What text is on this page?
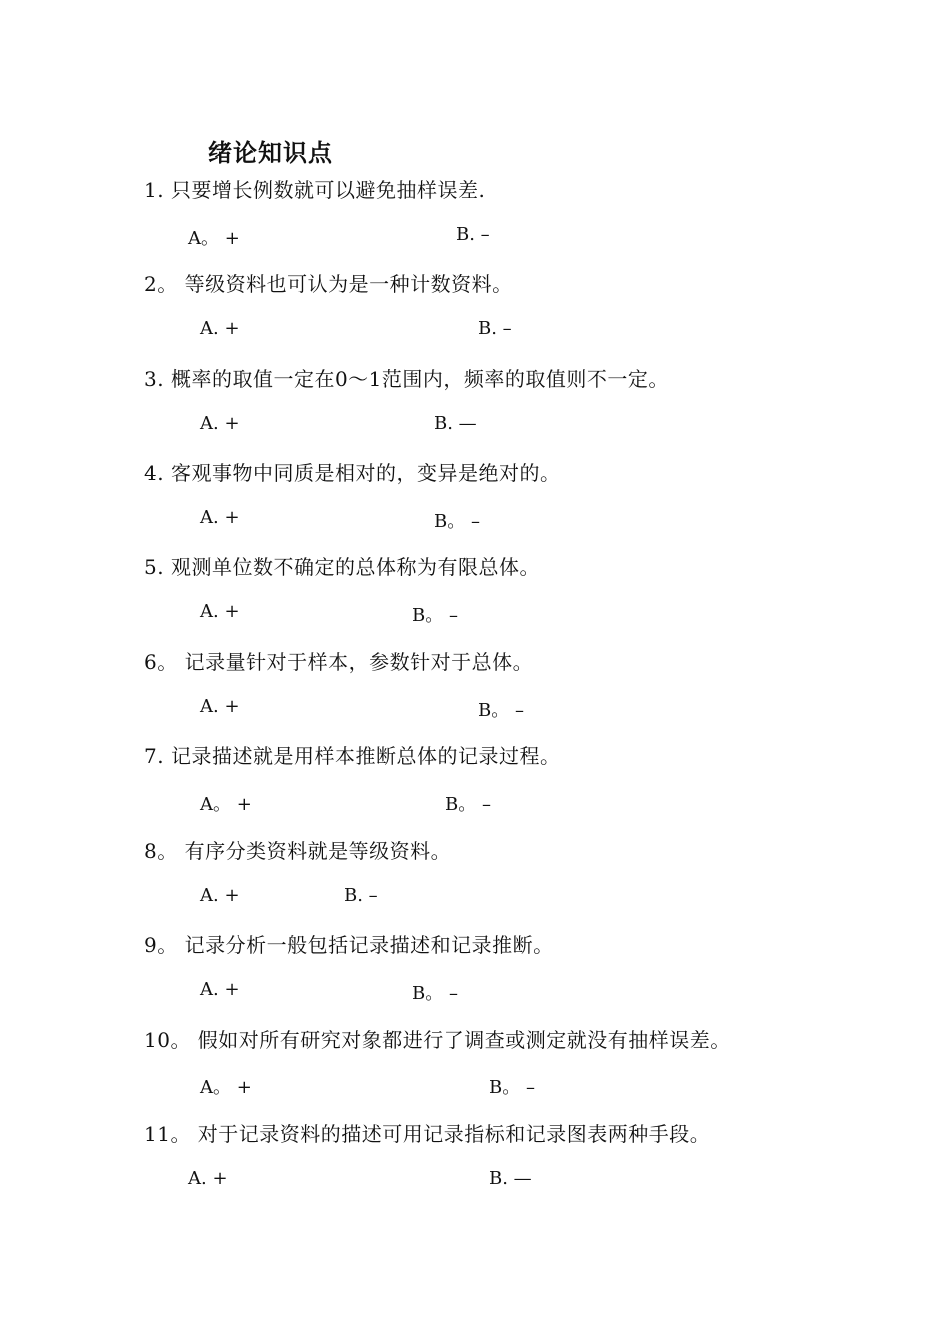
绪论知识点
1. 只要增长例数就可以避免抽样误差.
A。 +	B. –
2。 等级资料也可认为是一种计数资料。
A. +	B. –
3. 概率的取值一定在0～1范围内，频率的取值则不一定。
A. +	B. —
4. 客观事物中同质是相对的，变异是绝对的。
A. +	B。 –
5. 观测单位数不确定的总体称为有限总体。
A. +	B。 –
6。 记录量针对于样本，参数针对于总体。
A. +	B。 –
7. 记录描述就是用样本推断总体的记录过程。
A。 +	B。 –
8。 有序分类资料就是等级资料。
A. +	B. –
9。 记录分析一般包括记录描述和记录推断。
A. +	B。 –
10。 假如对所有研究对象都进行了调查或测定就没有抽样误差。
A。 +	B。 –
11。 对于记录资料的描述可用记录指标和记录图表两种手段。
A. +	B. —
